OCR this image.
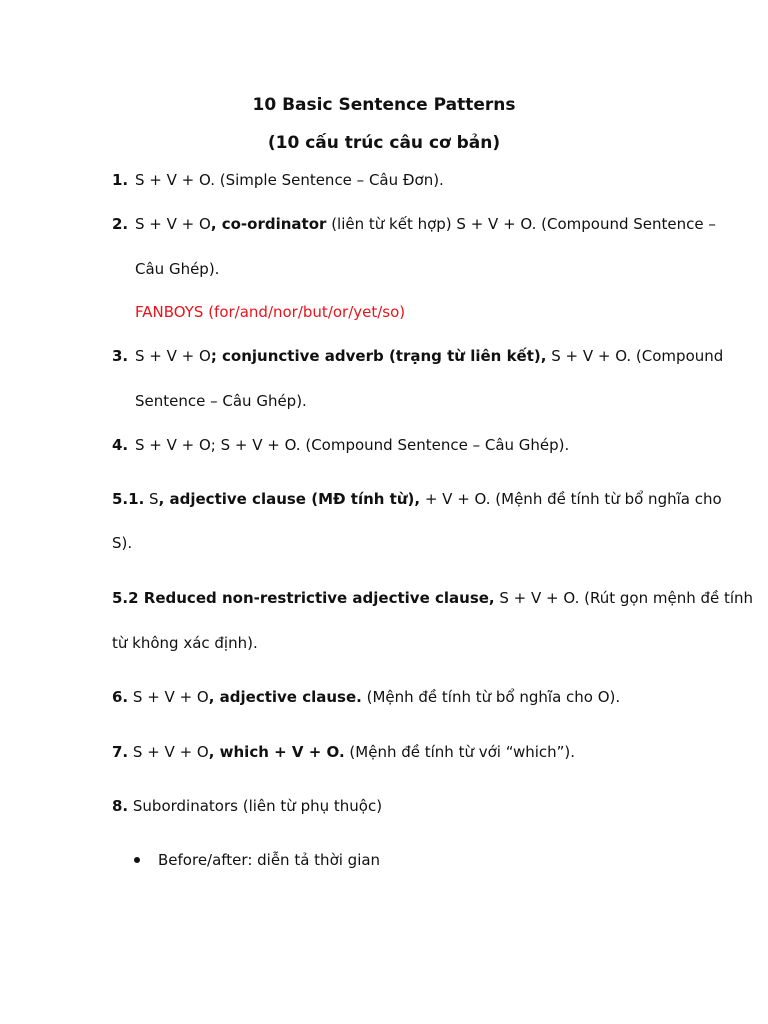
10 Basic Sentence Patterns
(10 cấu trúc câu cơ bản)
1. S + V + O. (Simple Sentence – Câu Đơn).
2. S + V + O, co-ordinator (liên từ kết hợp) S + V + O. (Compound Sentence –
Câu Ghép).
FANBOYS (for/and/nor/but/or/yet/so)
3. S + V + O; conjunctive adverb (trạng từ liên kết), S + V + O. (Compound
Sentence – Câu Ghép).
4. S + V + O; S + V + O. (Compound Sentence – Câu Ghép).
5.1. S, adjective clause (MĐ tính từ), + V + O. (Mệnh đề tính từ bổ nghĩa cho
S).
5.2 Reduced non-restrictive adjective clause, S + V + O. (Rút gọn mệnh đề tính
từ không xác định).
6. S + V + O, adjective clause. (Mệnh đề tính từ bổ nghĩa cho O).
7. S + V + O, which + V + O. (Mệnh đề tính từ với “which”).
8. Subordinators (liên từ phụ thuộc)
Before/after: diễn tả thời gian
